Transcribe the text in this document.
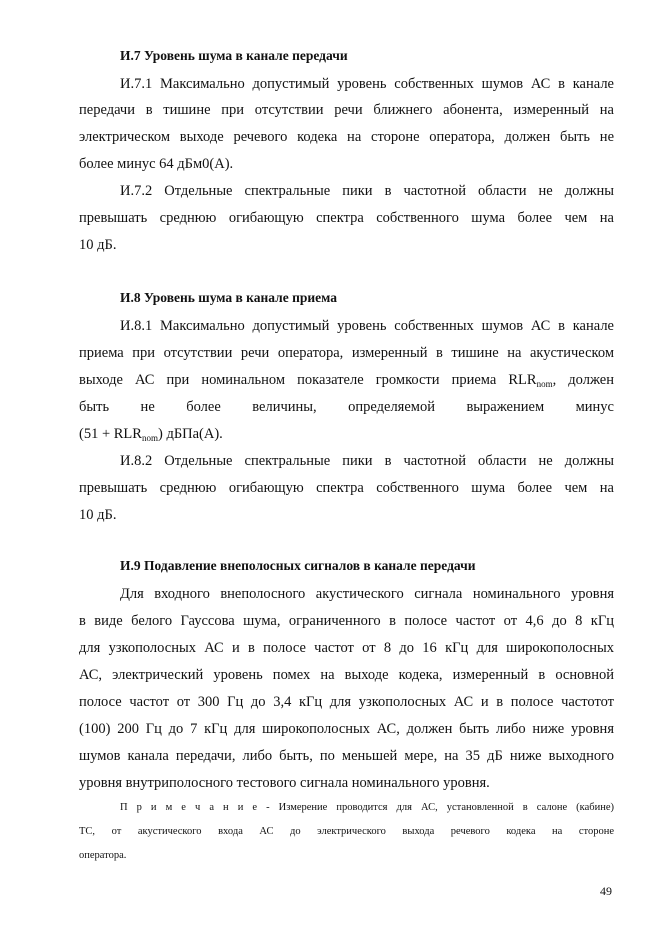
И.7 Уровень шума в канале передачи
И.7.1 Максимально допустимый уровень собственных шумов АС в канале
передачи в тишине при отсутствии речи ближнего абонента, измеренный на
электрическом выходе речевого кодека на стороне оператора, должен быть не
более минус 64 дБм0(А).
И.7.2 Отдельные спектральные пики в частотной области не должны
превышать среднюю огибающую спектра собственного шума более чем на
10 дБ.
И.8 Уровень шума в канале приема
И.8.1 Максимально допустимый уровень собственных шумов АС в канале
приема при отсутствии речи оператора, измеренный в тишине на акустическом
выходе АС при номинальном показателе громкости приема $RLR_{nom}$, должен
быть не более величины, определяемой выражением минус
$(51 + RLR_{nom})$ дБПа(А).
И.8.2 Отдельные спектральные пики в частотной области не должны
превышать среднюю огибающую спектра собственного шума более чем на
10 дБ.
И.9 Подавление внеполосных сигналов в канале передачи
Для входного внеполосного акустического сигнала номинального уровня
в виде белого Гауссова шума, ограниченного в полосе частот от 4,6 до 8 кГц
для узкополосных АС и в полосе частот от 8 до 16 кГц для широкополосных
АС, электрический уровень помех на выходе кодека, измеренный в основной
полосе частот от 300 Гц до 3,4 кГц для узкополосных АС и в полосе частотот
(100) 200 Гц до 7 кГц для широкополосных АС, должен быть либо ниже уровня
шумов канала передачи, либо быть, по меньшей мере, на 35 дБ ниже выходного
уровня внутриполосного тестового сигнала номинального уровня.
П р и м е ч а н и е - Измерение проводится для АС, установленной в салоне (кабине)
ТС, от акустического входа АС до электрического выхода речевого кодека на стороне
оператора.
49
